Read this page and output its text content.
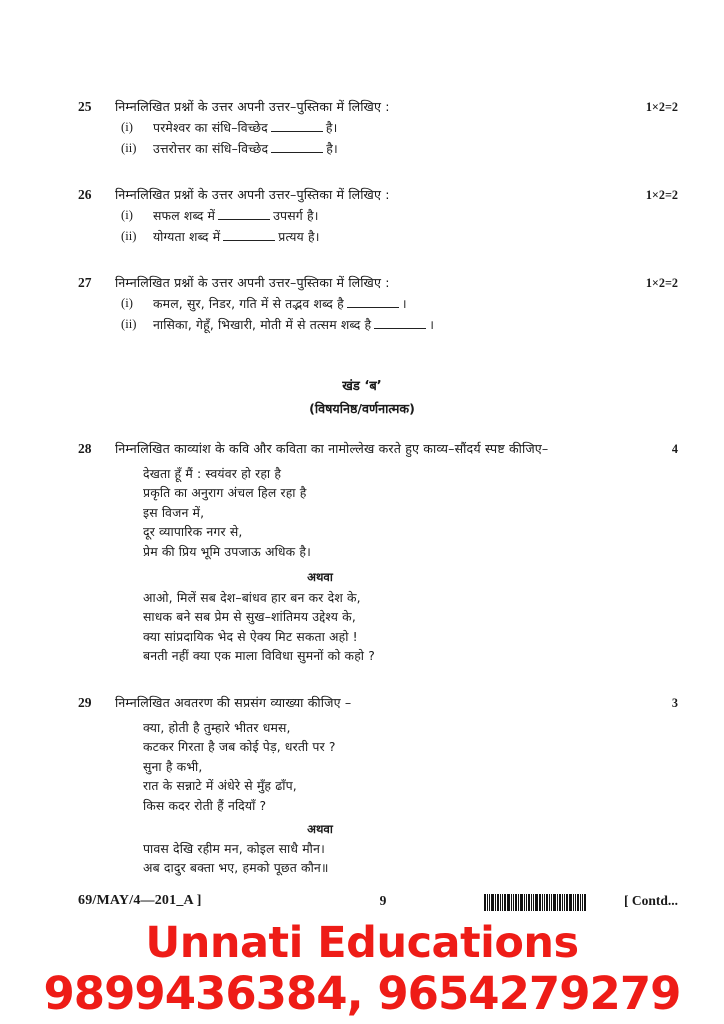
25	निम्नलिखित प्रश्नों के उत्तर अपनी उत्तर–पुस्तिका में लिखिए :	1×2=2
(i)	परमेश्वर का संधि–विच्छेद	है।
(ii)	उत्तरोत्तर का संधि–विच्छेद	है।
26	निम्नलिखित प्रश्नों के उत्तर अपनी उत्तर–पुस्तिका में लिखिए :	1×2=2
(i)	सफल शब्द में	उपसर्ग है।
(ii)	योग्यता शब्द में	प्रत्यय है।
27	निम्नलिखित प्रश्नों के उत्तर अपनी उत्तर–पुस्तिका में लिखिए :	1×2=2
(i)	कमल, सुर, निडर, गति में से तद्भव शब्द है	।
(ii)	नासिका, गेहूँ, भिखारी, मोती में से तत्सम शब्द है	।
खंड ‘ब’
(विषयनिष्ठ/वर्णनात्मक)
28	निम्नलिखित काव्यांश के कवि और कविता का नामोल्लेख करते हुए काव्य–सौंदर्य स्पष्ट कीजिए–	4
देखता हूँ मैं : स्वयंवर हो रहा है
प्रकृति का अनुराग अंचल हिल रहा है
इस विजन में,
दूर व्यापारिक नगर से,
प्रेम की प्रिय भूमि उपजाऊ अधिक है।
अथवा
आओ, मिलें सब देश–बांधव हार बन कर देश के,
साधक बने सब प्रेम से सुख–शांतिमय उद्देश्य के,
क्या सांप्रदायिक भेद से ऐक्य मिट सकता अहो !
बनती नहीं क्या एक माला विविधा सुमनों को कहो ?
29	निम्नलिखित अवतरण की सप्रसंग व्याख्या कीजिए –	3
क्या, होती है तुम्हारे भीतर धमस,
कटकर गिरता है जब कोई पेड़, धरती पर ?
सुना है कभी,
रात के सन्नाटे में अंधेरे से मुँह ढाँप,
किस कदर रोती हैं नदियाँ ?
अथवा
पावस देखि रहीम मन, कोइल साधै मौन।
अब दादुर बक्ता भए, हमको पूछत कौन॥
69/MAY/4—201_A ]	9	[ Contd...
Unnati Educations
9899436384, 9654279279
